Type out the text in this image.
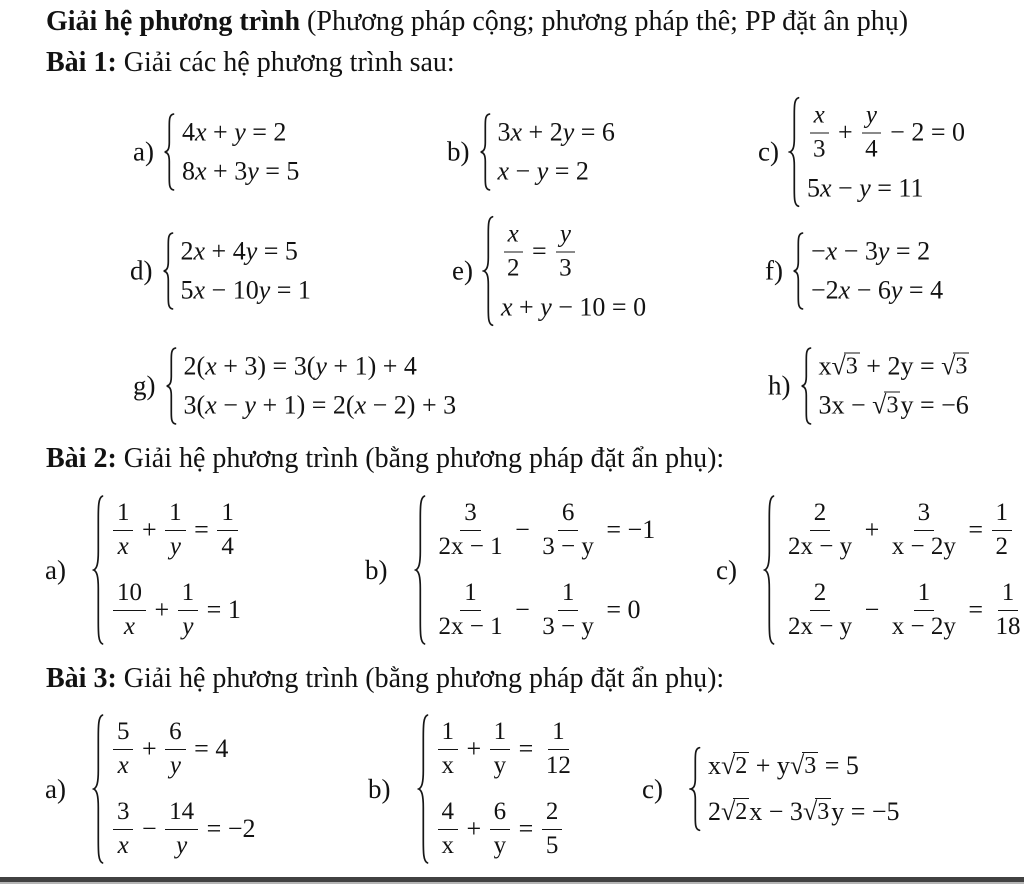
Giải hệ phương trình (Phương pháp cộng; phương pháp thê; PP đặt ân phụ)
Bài 1: Giải các hệ phương trình sau:
a)
4x + y = 2
8x + 3y = 5
b)
3x + 2y = 6
x − y = 2
$c) \frac{x}{3} + \frac{y}{4} - 2 = 0$
5x − y = 11
d)
2x + 4y = 5
5x − 10y = 1
$e) \frac{x}{2} = \frac{y}{3}$
x + y − 10 = 0
f)
−x − 3y = 2
−2x − 6y = 4
g)
2(x + 3) = 3(y + 1) + 4
3(x − y + 1) = 2(x − 2) + 3
h)
x √ 3 + 2y = √ 3
3x − √ 3 y = −6
Bài 2: Giải hệ phương trình (bằng phương pháp đặt ẩn phụ):
a)
$\frac{1}{x} + \frac{1}{y} = \frac{1}{4}$
$\frac{10}{x} + \frac{1}{y} = 1$
b)
$\frac{3}{2x - 1} - \frac{6}{3 - y} = -1$
$\frac{1}{2x - 1} - \frac{1}{3 - y} = 0$
c)
$\frac{2}{2x - y} + \frac{3}{x - 2y} = \frac{1}{2}$
$\frac{2}{2x - y} - \frac{1}{x - 2y} = \frac{1}{18}$
Bài 3: Giải hệ phương trình (bằng phương pháp đặt ẩn phụ):
a)
$\frac{5}{x} + \frac{6}{y} = 4$
$\frac{3}{x} - \frac{14}{y} = -2$
b)
$\frac{1}{x} + \frac{1}{y} = \frac{1}{12}$
$\frac{4}{x} + \frac{6}{y} = \frac{2}{5}$
c)
x √ 2 + y √ 3 = 5
2 √ 2 x − 3 √ 3 y = −5
